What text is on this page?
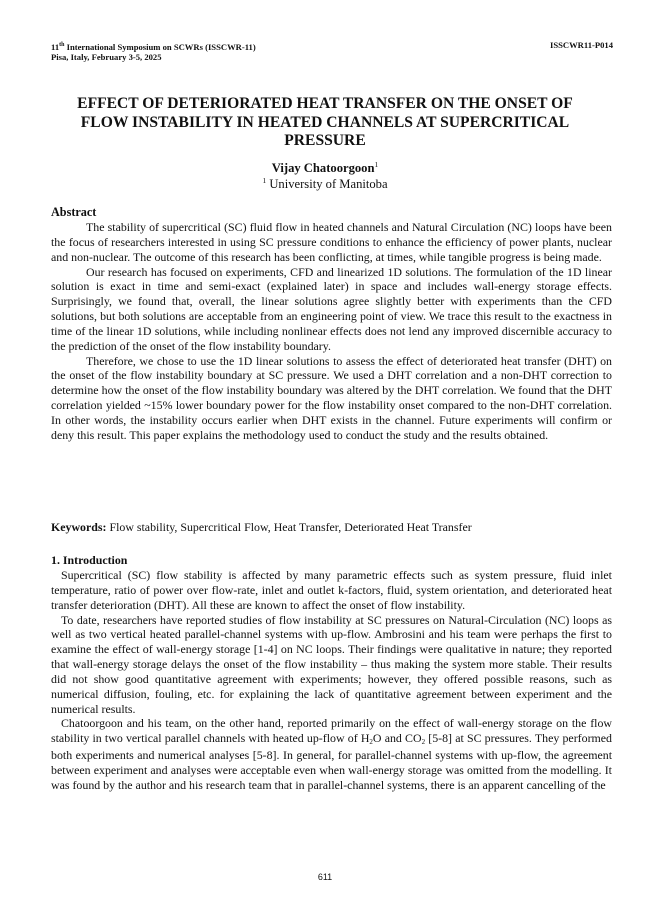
11th International Symposium on SCWRs (ISSCWR-11)
Pisa, Italy, February 3-5, 2025
ISSCWR11-P014
EFFECT OF DETERIORATED HEAT TRANSFER ON THE ONSET OF FLOW INSTABILITY IN HEATED CHANNELS AT SUPERCRITICAL PRESSURE
Vijay Chatoorgoon$^1$
$^1$ University of Manitoba
Abstract

The stability of supercritical (SC) fluid flow in heated channels and Natural Circulation (NC) loops have been the focus of researchers interested in using SC pressure conditions to enhance the efficiency of power plants, nuclear and non-nuclear. The outcome of this research has been conflicting, at times, while tangible progress is being made.

Our research has focused on experiments, CFD and linearized 1D solutions. The formulation of the 1D linear solution is exact in time and semi-exact (explained later) in space and includes wall-energy storage effects. Surprisingly, we found that, overall, the linear solutions agree slightly better with experiments than the CFD solutions, but both solutions are acceptable from an engineering point of view. We trace this result to the exactness in time of the linear 1D solutions, while including nonlinear effects does not lend any improved discernible accuracy to the prediction of the onset of the flow instability boundary.

Therefore, we chose to use the 1D linear solutions to assess the effect of deteriorated heat transfer (DHT) on the onset of the flow instability boundary at SC pressure. We used a DHT correlation and a non-DHT correction to determine how the onset of the flow instability boundary was altered by the DHT correlation. We found that the DHT correlation yielded ~15% lower boundary power for the flow instability onset compared to the non-DHT correlation. In other words, the instability occurs earlier when DHT exists in the channel. Future experiments will confirm or deny this result. This paper explains the methodology used to conduct the study and the results obtained.

Keywords: Flow stability, Supercritical Flow, Heat Transfer, Deteriorated Heat Transfer
1. Introduction

Supercritical (SC) flow stability is affected by many parametric effects such as system pressure, fluid inlet temperature, ratio of power over flow-rate, inlet and outlet k-factors, fluid, system orientation, and deteriorated heat transfer deterioration (DHT). All these are known to affect the onset of flow instability.

To date, researchers have reported studies of flow instability at SC pressures on Natural-Circulation (NC) loops as well as two vertical heated parallel-channel systems with up-flow. Ambrosini and his team were perhaps the first to examine the effect of wall-energy storage [1-4] on NC loops. Their findings were qualitative in nature; they reported that wall-energy storage delays the onset of the flow instability – thus making the system more stable. Their results did not show good quantitative agreement with experiments; however, they offered possible reasons, such as numerical diffusion, fouling, etc. for explaining the lack of quantitative agreement between experiment and the numerical results.

Chatoorgoon and his team, on the other hand, reported primarily on the effect of wall-energy storage on the flow stability in two vertical parallel channels with heated up-flow of $H_2O$ and $CO_2$ [5-8] at SC pressures. They performed both experiments and numerical analyses [5-8]. In general, for parallel-channel systems with up-flow, the agreement between experiment and analyses were acceptable even when wall-energy storage was omitted from the modelling. It was found by the author and his research team that in parallel-channel systems, there is an apparent cancelling of the

611
